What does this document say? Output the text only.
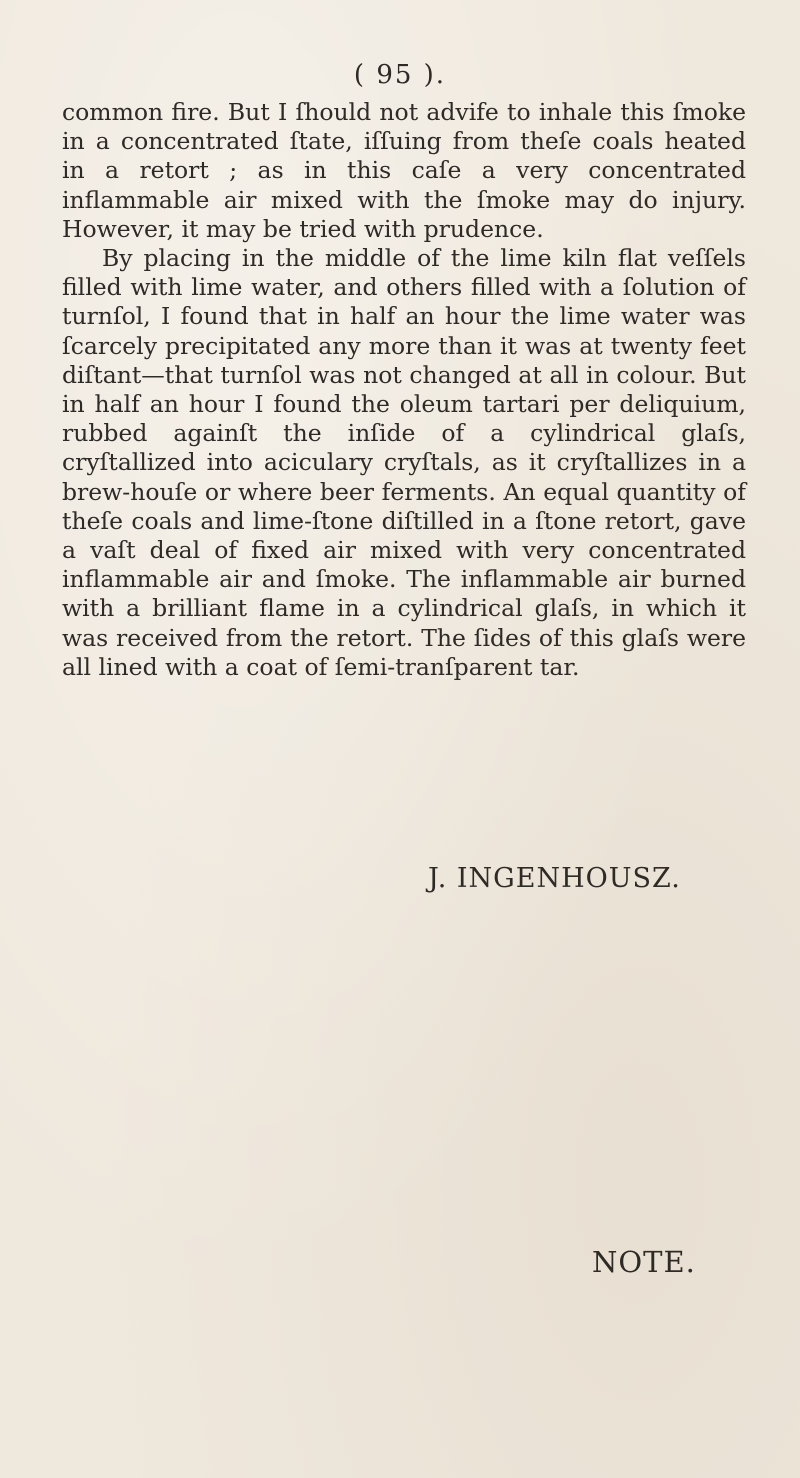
( 95 ).

common fire. But I ſhould not advife to inhale this ſmoke in a concentrated ſtate, iſſuing from theſe coals heated in a retort ; as in this caſe a very concentrated inflammable air mixed with the ſmoke may do injury. However, it may be tried with prudence.

By placing in the middle of the lime kiln flat veſſels filled with lime water, and others filled with a ſolution of turnſol, I found that in half an hour the lime water was ſcarcely precipitated any more than it was at twenty feet diſtant—that turnſol was not changed at all in colour. But in half an hour I found the oleum tartari per deliquium, rubbed againſt the inſide of a cylindrical glaſs, cryſtallized into aciculary cryſtals, as it cryſtallizes in a brew-houſe or where beer ferments. An equal quantity of theſe coals and lime-ſtone diſtilled in a ſtone retort, gave a vaſt deal of fixed air mixed with very concentrated inflammable air and ſmoke. The inflammable air burned with a brilliant flame in a cylindrical glaſs, in which it was received from the retort. The ſides of this glaſs were all lined with a coat of ſemi-tranſparent tar.

J. INGENHOUSZ.
NOTE.
